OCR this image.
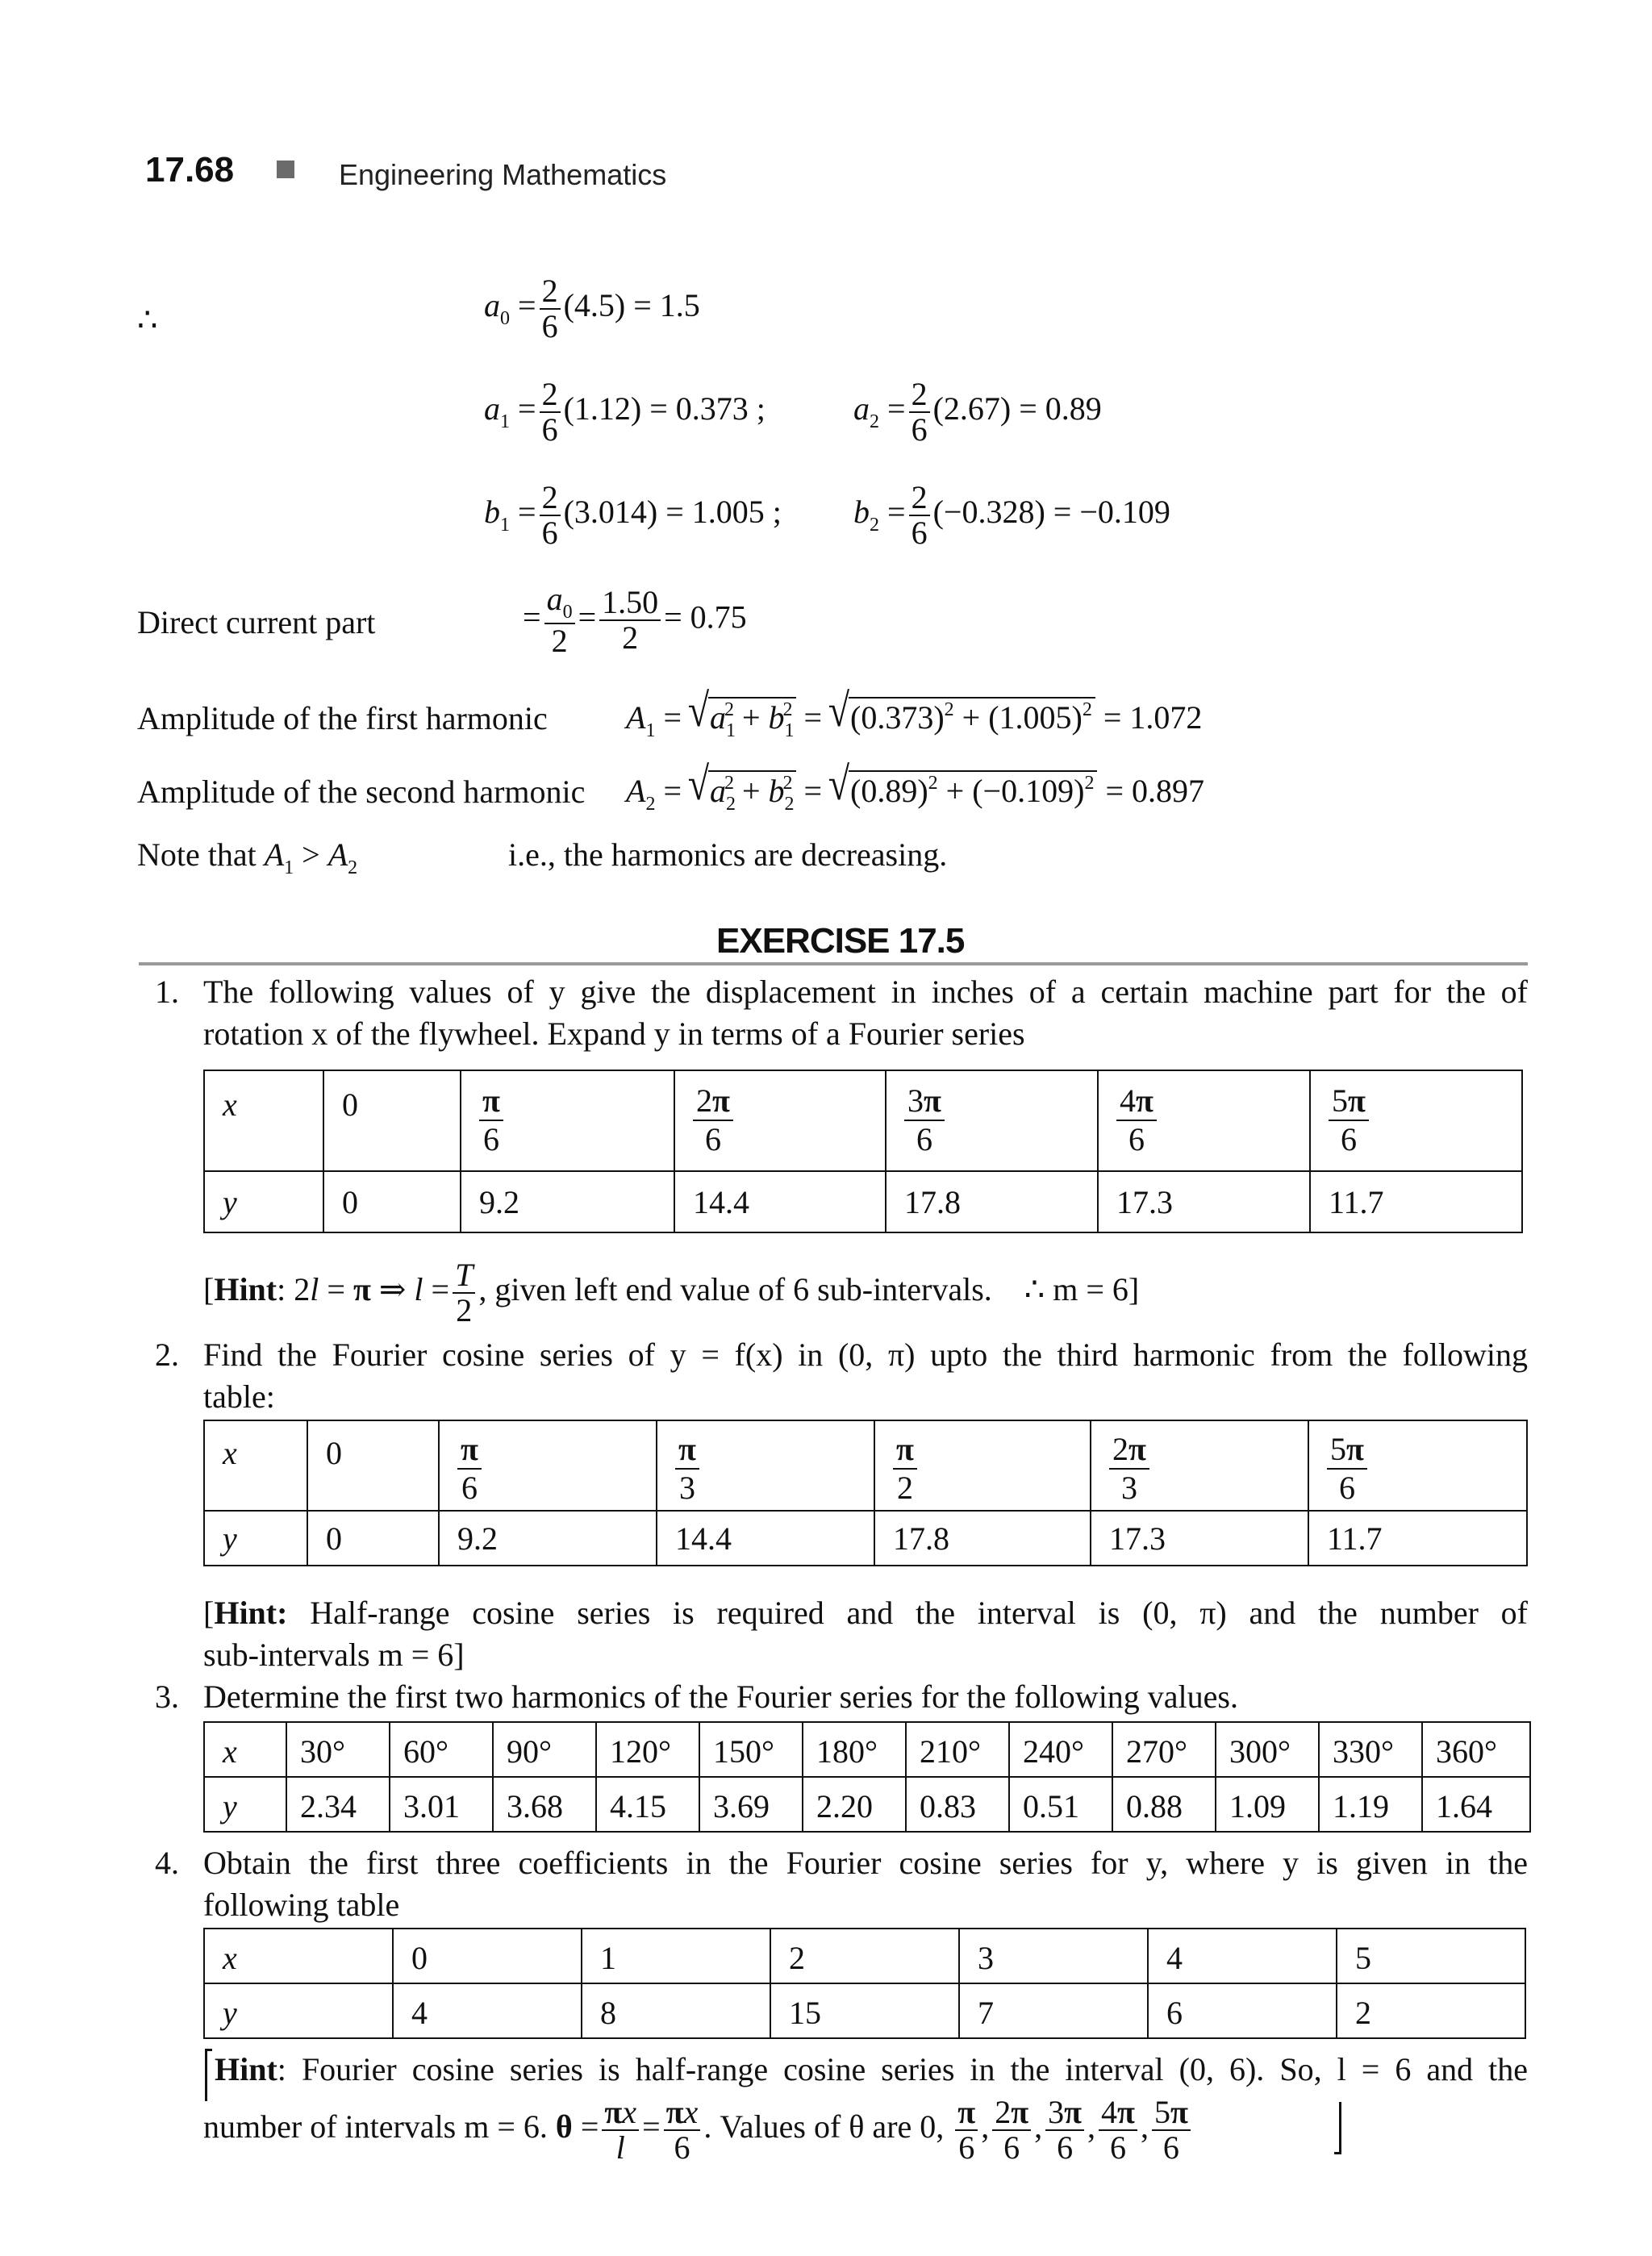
17.68	Engineering Mathematics
∴	$a_0 = \frac{2}{6} (4.5) = 1.5$
$a_1 = \frac{2}{6} (1.12) = 0.373$ ;	$a_2 = \frac{2}{6} (2.67) = 0.89$
$b_1 = \frac{2}{6} (3.014) = 1.005$ ; $b_2 = \frac{2}{6} (-0.328) = -0.109$
Direct current part	= $\frac{a_0}{2} = \frac{1.50}{2} = 0.75$
Amplitude of the first harmonic $A_1 = √a_1^2 + b_1^2 = √(0.373)^2 + (1.005)^2 = 1.072$
Amplitude of the second harmonic $A_2 = √a_2^2 + b_2^2 = √(0.89)^2 + (-0.109)^2 = 0.897$
Note that $A_1 > A_2$	i.e., the harmonics are decreasing.
EXERCISE 17.5
1. The following values of y give the displacement in inches of a certain machine part for the of
rotation x of the flywheel. Expand y in terms of a Fourier series
x	0	$\frac{\pi}{6}$	$\frac{2\pi}{6}$	$\frac{3\pi}{6}$	$\frac{4\pi}{6}$	$\frac{5\pi}{6}$

y	0	9.2	14.4	17.8	17.3	11.7
[Hint: 2l = π ⇒ $l = \frac{T}{2}$ , given left end value of 6 sub-intervals. ∴ m = 6]
2. Find the Fourier cosine series of y = f(x) in (0, π) upto the third harmonic from the following
table:
x	0	$\frac{\pi}{6}$	$\frac{\pi}{3}$	$\frac{\pi}{2}$	$\frac{2\pi}{3}$	$\frac{5\pi}{6}$

y	0	9.2	14.4	17.8	17.3	11.7
[Hint: Half-range cosine series is required and the interval is (0, π) and the number of
sub-intervals m = 6]
3. Determine the first two harmonics of the Fourier series for the following values.
x	30°	60°	90°	120°	150°	180°	210°	240°	270°	300°	330°	360°
y	2.34	3.01	3.68	4.15	3.69	2.20	0.83	0.51	0.88	1.09	1.19	1.64
4. Obtain the first three coefficients in the Fourier cosine series for y, where y is given in the
following table
x	0	1	2	3	4	5
y	4	8	15	7	6	2
Hint: Fourier cosine series is half-range cosine series in the interval (0, 6). So, l = 6 and the
number of intervals m = 6. $\theta = \frac{\pi x}{l} = \frac{\pi x}{6}$ . Values of θ are 0, $\frac{\pi}{6}$ , $\frac{2\pi}{6}$ , $\frac{3\pi}{6}$ , $\frac{4\pi}{6}$ , $\frac{5\pi}{6}$
